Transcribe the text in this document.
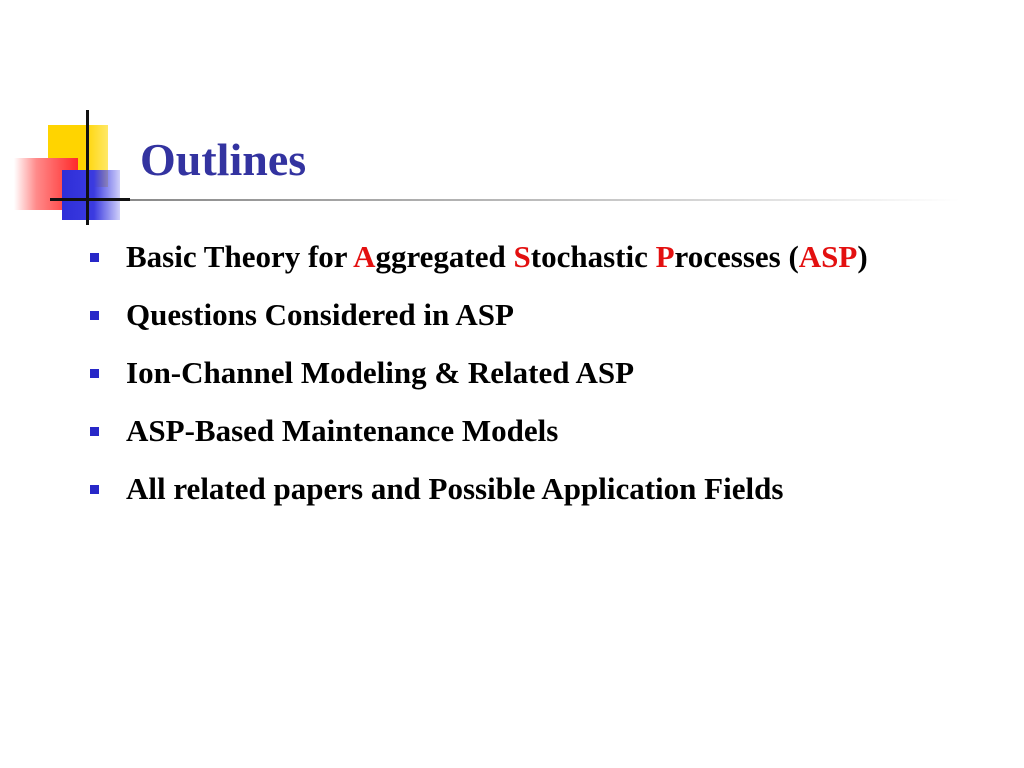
Outlines
Basic Theory for Aggregated Stochastic Processes (ASP)
Questions Considered in ASP
Ion-Channel Modeling & Related ASP
ASP-Based Maintenance Models
All related papers and Possible Application Fields
